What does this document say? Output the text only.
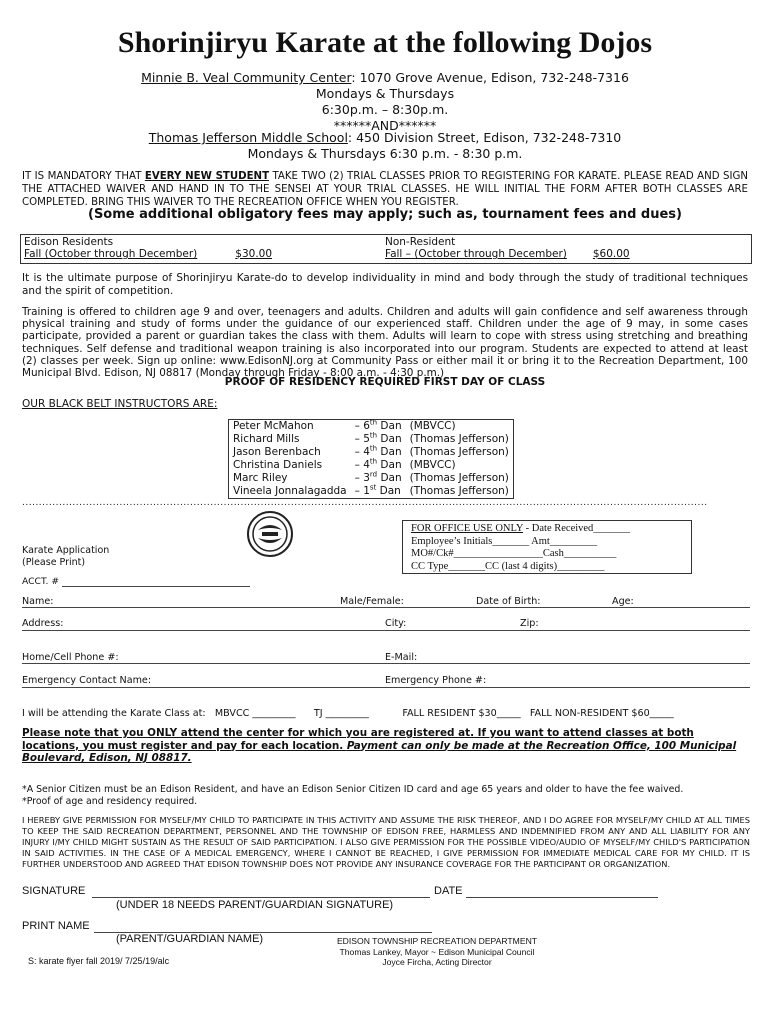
Shorinjiryu Karate at the following Dojos
Minnie B. Veal Community Center: 1070 Grove Avenue, Edison, 732-248-7316
Mondays & Thursdays
6:30p.m. – 8:30p.m.
******AND******
Thomas Jefferson Middle School: 450 Division Street, Edison, 732-248-7310
Mondays & Thursdays 6:30 p.m. - 8:30 p.m.
IT IS MANDATORY THAT EVERY NEW STUDENT TAKE TWO (2) TRIAL CLASSES PRIOR TO REGISTERING FOR KARATE. PLEASE READ AND SIGN THE ATTACHED WAIVER AND HAND IN TO THE SENSEI AT YOUR TRIAL CLASSES. HE WILL INITIAL THE FORM AFTER BOTH CLASSES ARE COMPLETED. BRING THIS WAIVER TO THE RECREATION OFFICE WHEN YOU REGISTER.
(Some additional obligatory fees may apply; such as, tournament fees and dues)
Edison Residents
Fall (October through December)	$30.00
Non-Resident
Fall – (October through December) $60.00
It is the ultimate purpose of Shorinjiryu Karate-do to develop individuality in mind and body through the study of traditional techniques and the spirit of competition.
Training is offered to children age 9 and over, teenagers and adults. Children and adults will gain confidence and self awareness through physical training and study of forms under the guidance of our experienced staff. Children under the age of 9 may, in some cases participate, provided a parent or guardian takes the class with them. Adults will learn to cope with stress using stretching and breathing techniques. Self defense and traditional weapon training is also incorporated into our program. Students are expected to attend at least (2) classes per week. Sign up online: www.EdisonNJ.org at Community Pass or either mail it or bring it to the Recreation Department, 100 Municipal Blvd. Edison, NJ 08817 (Monday through Friday - 8:00 a.m. - 4:30 p.m.)
PROOF OF RESIDENCY REQUIRED FIRST DAY OF CLASS
OUR BLACK BELT INSTRUCTORS ARE:
Peter McMahon	– 6th Dan	(MBVCC)
Richard Mills	– 5th Dan	(Thomas Jefferson)
Jason Berenbach	– 4th Dan	(Thomas Jefferson)
Christina Daniels	– 4th Dan	(MBVCC)
Marc Riley	– 3rd Dan	(Thomas Jefferson)
Vineela Jonnalagadda	– 1st Dan	(Thomas Jefferson)
............................................................................................................................................................................................................
Karate Application
(Please Print)
FOR OFFICE USE ONLY - Date Received_______
Employee’s Initials_______ Amt_________
MO#/Ck#_________________Cash__________
CC Type_______CC (last 4 digits)_________
ACCT. #
Name:	Male/Female:	Date of Birth:	Age:
Address:	City:	Zip:
Home/Cell Phone #:	E-Mail:
Emergency Contact Name:	Emergency Phone #:
I will be attending the Karate Class at:   MBVCC _________      TJ _________           FALL RESIDENT $30_____   FALL NON-RESIDENT $60_____
Please note that you ONLY attend the center for which you are registered at. If you want to attend classes at both locations, you must register and pay for each location. Payment can only be made at the Recreation Office, 100 Municipal Boulevard, Edison, NJ 08817.
*A Senior Citizen must be an Edison Resident, and have an Edison Senior Citizen ID card and age 65 years and older to have the fee waived.
*Proof of age and residency required.
I HEREBY GIVE PERMISSION FOR MYSELF/MY CHILD TO PARTICIPATE IN THIS ACTIVITY AND ASSUME THE RISK THEREOF, AND I DO AGREE FOR MYSELF/MY CHILD AT ALL TIMES TO KEEP THE SAID RECREATION DEPARTMENT, PERSONNEL AND THE TOWNSHIP OF EDISON FREE, HARMLESS AND INDEMNIFIED FROM ANY AND ALL LIABILITY FOR ANY INJURY I/MY CHILD MIGHT SUSTAIN AS THE RESULT OF SAID PARTICIPATION. I ALSO GIVE PERMISSION FOR THE POSSIBLE VIDEO/AUDIO OF MYSELF/MY CHILD'S PARTICIPATION IN SAID ACTIVITIES. IN THE CASE OF A MEDICAL EMERGENCY, WHERE I CANNOT BE REACHED, I GIVE PERMISSION FOR IMMEDIATE MEDICAL CARE FOR MY CHILD. IT IS FURTHER UNDERSTOOD AND AGREED THAT EDISON TOWNSHIP DOES NOT PROVIDE ANY INSURANCE COVERAGE FOR THE PARTICIPANT OR ORGANIZATION.
SIGNATURE	DATE
(UNDER 18 NEEDS PARENT/GUARDIAN SIGNATURE)
PRINT NAME
(PARENT/GUARDIAN NAME)
S: karate flyer fall 2019/ 7/25/19/alc
EDISON TOWNSHIP RECREATION DEPARTMENT
Thomas Lankey, Mayor ~ Edison Municipal Council
Joyce Fircha, Acting Director
